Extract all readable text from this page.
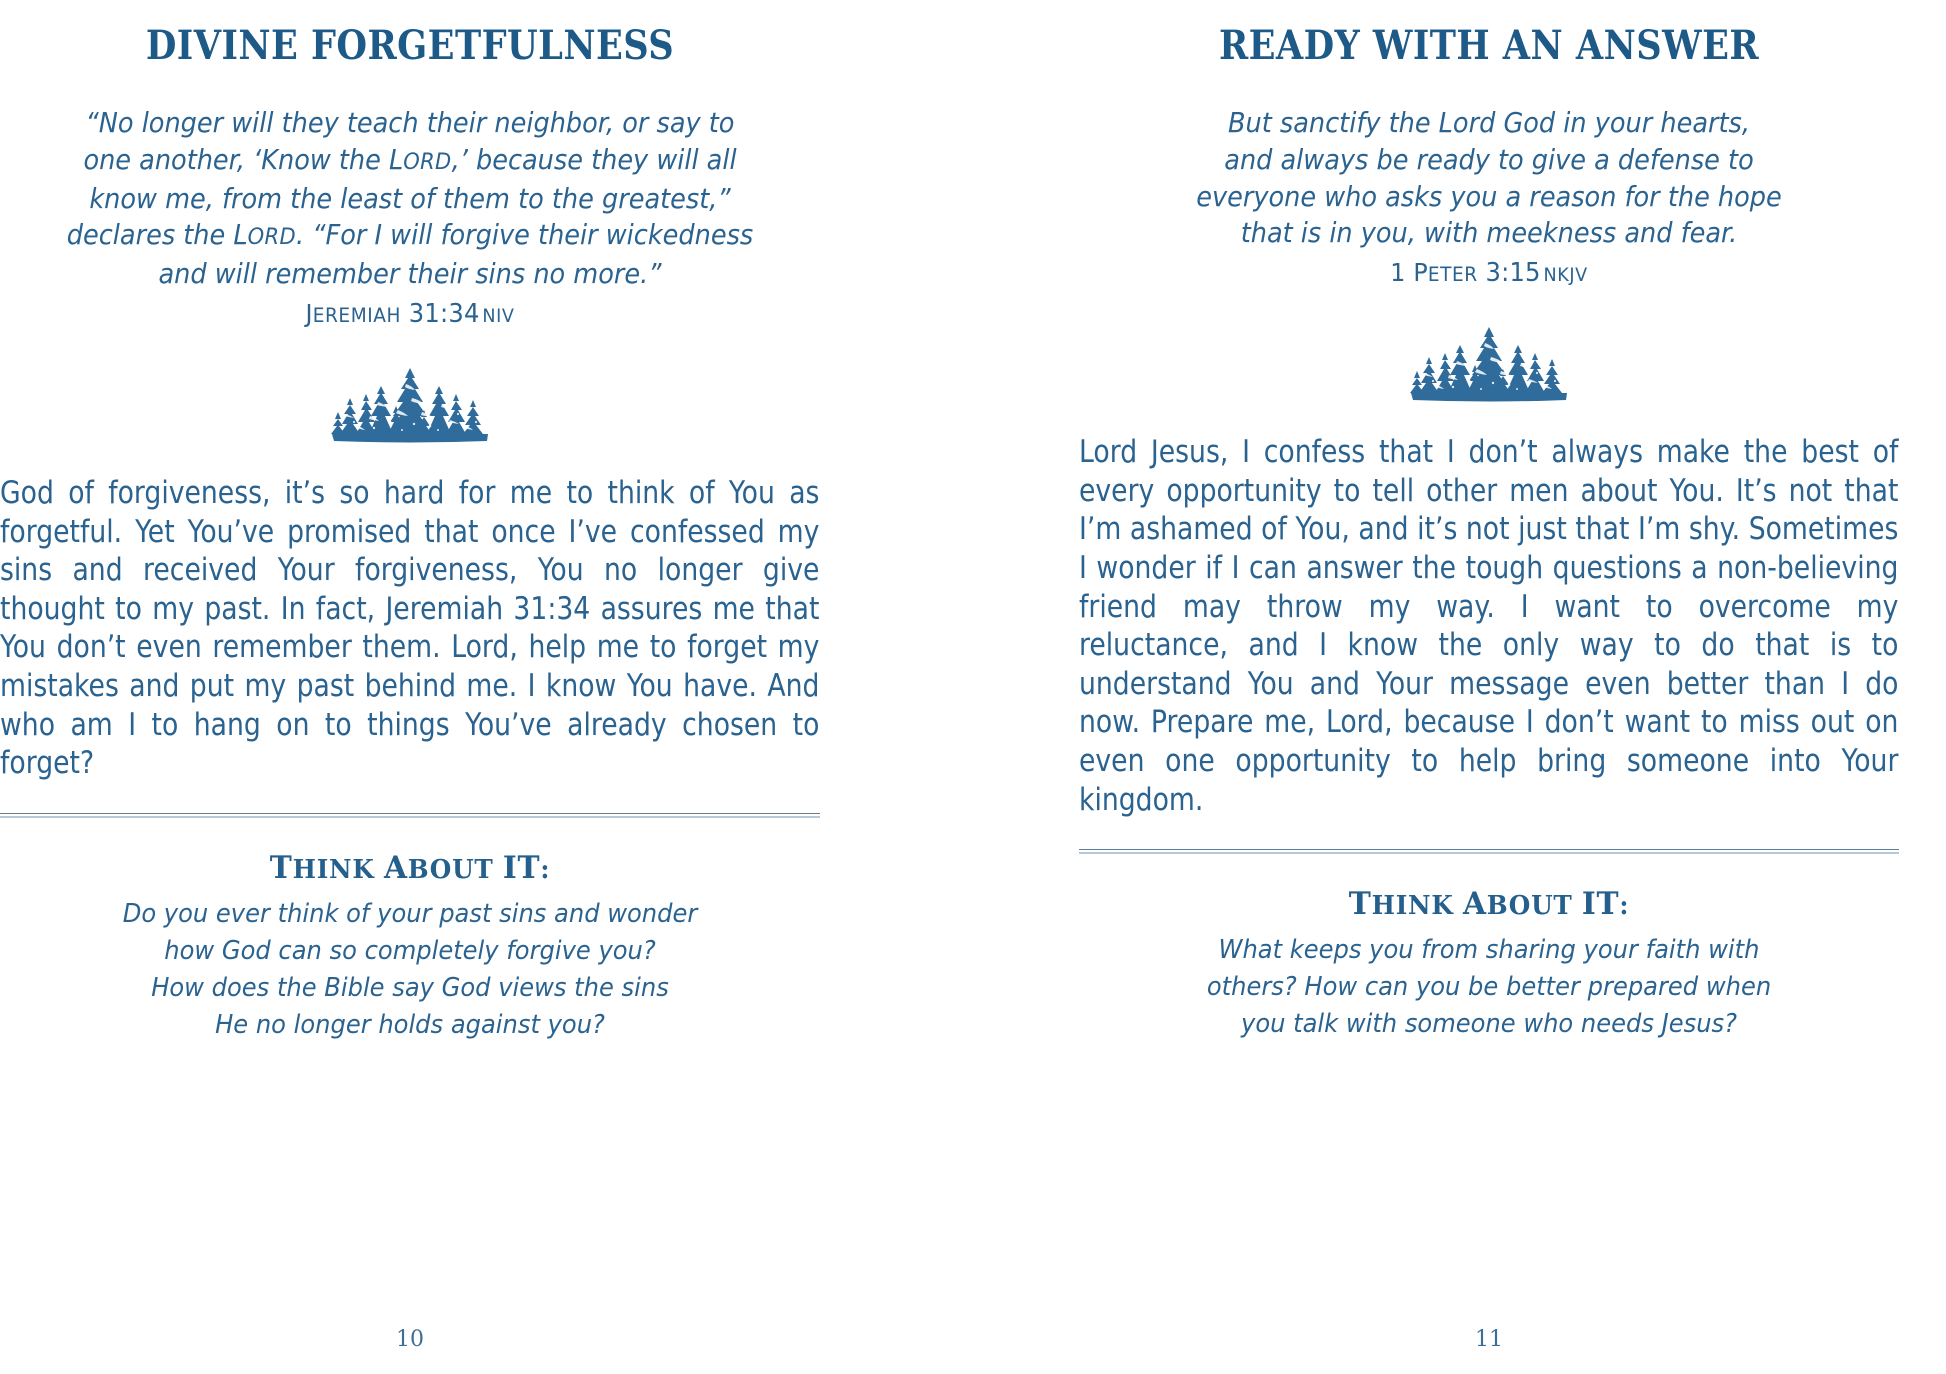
DIVINE FORGETFULNESS
“No longer will they teach their neighbor, or say to
one another, ‘Know the LORD,’ because they will all
know me, from the least of them to the greatest,”
declares the LORD. “For I will forgive their wickedness
and will remember their sins no more.”
JEREMIAH 31:34 NIV

God of forgiveness, it’s so hard for me to think of You as forgetful. Yet You’ve promised that once I’ve confessed my sins and received Your forgiveness, You no longer give thought to my past. In fact, Jeremiah 31:34 assures me that You don’t even remember them. Lord, help me to forget my mistakes and put my past behind me. I know You have. And who am I to hang on to things You’ve already chosen to forget?

THINK ABOUT IT:
Do you ever think of your past sins and wonder
how God can so completely forgive you?
How does the Bible say God views the sins
He no longer holds against you?
10
READY WITH AN ANSWER
But sanctify the Lord God in your hearts,
and always be ready to give a defense to
everyone who asks you a reason for the hope
that is in you, with meekness and fear.
1 PETER 3:15 NKJV

Lord Jesus, I confess that I don’t always make the best of every opportunity to tell other men about You. It’s not that I’m ashamed of You, and it’s not just that I’m shy. Sometimes I wonder if I can answer the tough questions a non-believing friend may throw my way. I want to overcome my reluctance, and I know the only way to do that is to understand You and Your message even better than I do now. Prepare me, Lord, because I don’t want to miss out on even one opportunity to help bring someone into Your kingdom.

THINK ABOUT IT:
What keeps you from sharing your faith with
others? How can you be better prepared when
you talk with someone who needs Jesus?
11
